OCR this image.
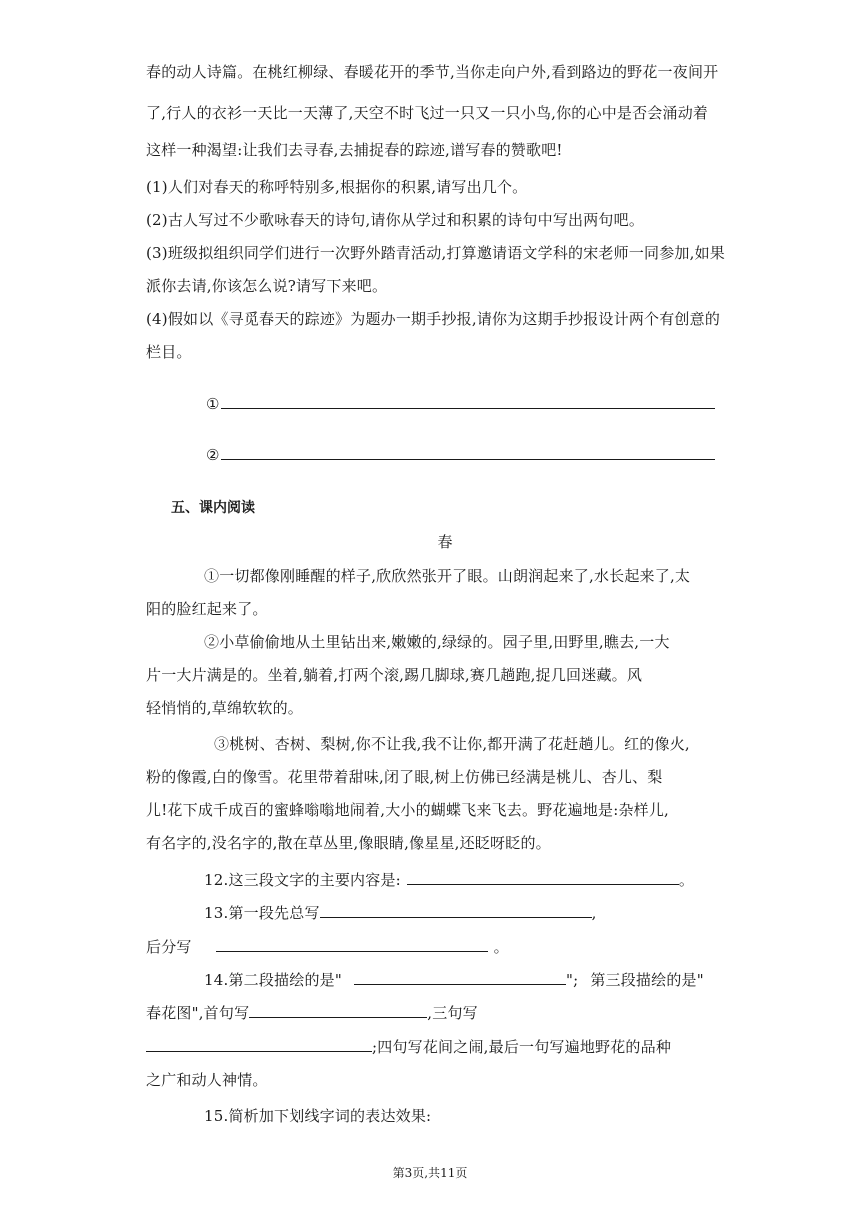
春的动人诗篇。在桃红柳绿、春暖花开的季节,当你走向户外,看到路边的野花一夜间开
了,行人的衣衫一天比一天薄了,天空不时飞过一只又一只小鸟,你的心中是否会涌动着
这样一种渴望:让我们去寻春,去捕捉春的踪迹,谱写春的赞歌吧!
(1)人们对春天的称呼特别多,根据你的积累,请写出几个。
(2)古人写过不少歌咏春天的诗句,请你从学过和积累的诗句中写出两句吧。
(3)班级拟组织同学们进行一次野外踏青活动,打算邀请语文学科的宋老师一同参加,如果
派你去请,你该怎么说?请写下来吧。
(4)假如以《寻觅春天的踪迹》为题办一期手抄报,请你为这期手抄报设计两个有创意的
栏目。
①
②
五、课内阅读
春
①一切都像刚睡醒的样子,欣欣然张开了眼。山朗润起来了,水长起来了,太
阳的脸红起来了。
②小草偷偷地从土里钻出来,嫩嫩的,绿绿的。园子里,田野里,瞧去,一大
片一大片满是的。坐着,躺着,打两个滚,踢几脚球,赛几趟跑,捉几回迷藏。风
轻悄悄的,草绵软软的。
③桃树、杏树、梨树,你不让我,我不让你,都开满了花赶趟儿。红的像火,
粉的像霞,白的像雪。花里带着甜味,闭了眼,树上仿佛已经满是桃儿、杏儿、梨
儿!花下成千成百的蜜蜂嗡嗡地闹着,大小的蝴蝶飞来飞去。野花遍地是:杂样儿,
有名字的,没名字的,散在草丛里,像眼睛,像星星,还眨呀眨的。
12.这三段文字的主要内容是:	。
13.第一段先总写	,
后分写	。
14.第二段描绘的是"	"; 第三段描绘的是"
春花图",首句写	,三句写
;四句写花间之闹,最后一句写遍地野花的品种
之广和动人神情。
15.简析加下划线字词的表达效果:
第3页,共11页
